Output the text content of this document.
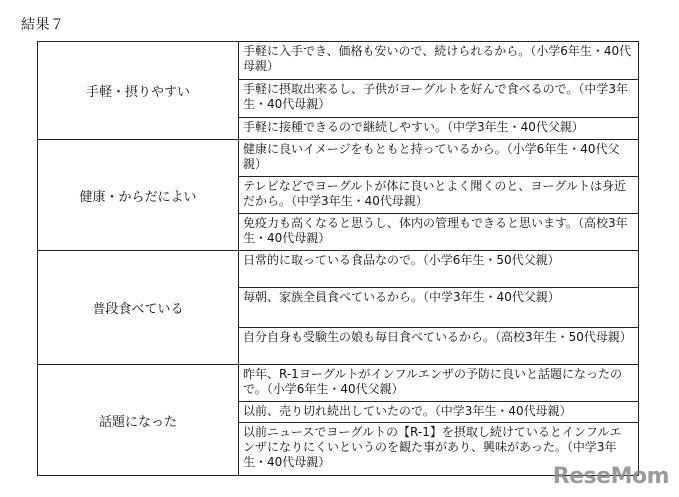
結果７
手軽・摂りやすい	手軽に入手でき、価格も安いので、続けられるから。（小学6年生・40代母親）
手軽に摂取出来るし、子供がヨーグルトを好んで食べるので。（中学3年生・40代母親）
手軽に接種できるので継続しやすい。（中学3年生・40代父親）

健康・からだによい	健康に良いイメージをもともと持っているから。（小学6年生・40代父親）
テレビなどでヨーグルトが体に良いとよく聞くのと、ヨーグルトは身近だから。（中学3年生・40代母親）
免疫力も高くなると思うし、体内の管理もできると思います。（高校3年生・40代母親）

普段食べている	日常的に取っている食品なので。（小学6年生・50代父親）
毎朝、家族全員食べているから。（中学3年生・40代父親）
自分自身も受験生の娘も毎日食べているから。（高校3年生・50代母親）

話題になった	昨年、R-1ヨーグルトがインフルエンザの予防に良いと話題になったので。（小学6年生・40代父親）
以前、売り切れ続出していたので。（中学3年生・40代母親）
以前ニュースでヨーグルトの【R-1】を摂取し続けているとインフルエンザになりにくいというのを観た事があり、興味があった。（中学3年生・40代母親）
ReseMom
